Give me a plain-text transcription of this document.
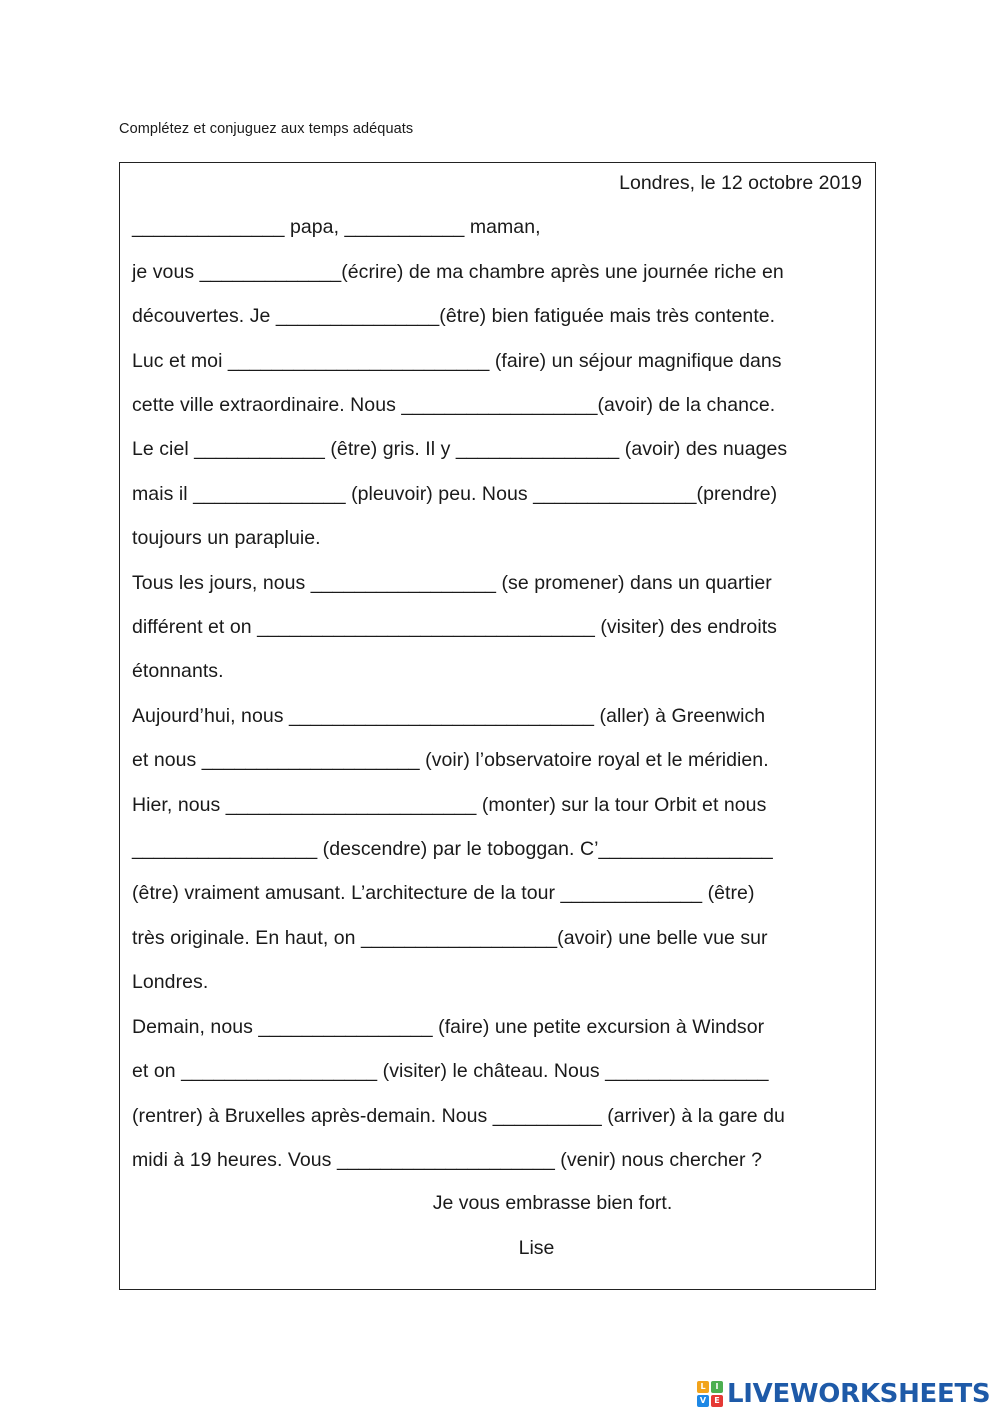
Complétez et conjuguez aux temps adéquats
Londres, le 12 octobre 2019
______________ papa, ___________ maman,
je vous _____________(écrire) de ma chambre après une journée riche en
découvertes. Je _______________(être) bien fatiguée mais très contente.
Luc et moi ________________________ (faire) un séjour magnifique dans
cette ville extraordinaire. Nous __________________(avoir) de la chance.
Le ciel ____________ (être) gris. Il y _______________ (avoir) des nuages
mais il ______________ (pleuvoir) peu. Nous _______________(prendre)
toujours un parapluie.
Tous les jours, nous _________________ (se promener) dans un quartier
différent et on _______________________________ (visiter) des endroits
étonnants.
Aujourd’hui, nous ____________________________ (aller) à Greenwich
et nous ____________________ (voir) l’observatoire royal et le méridien.
Hier, nous _______________________ (monter) sur la tour Orbit et nous
_________________ (descendre) par le toboggan. C’________________
(être) vraiment amusant. L’architecture de la tour _____________ (être)
très originale. En haut, on __________________(avoir) une belle vue sur
Londres.
Demain, nous ________________ (faire) une petite excursion à Windsor
et on __________________ (visiter) le château. Nous _______________
(rentrer) à Bruxelles après-demain. Nous __________ (arriver) à la gare du
midi à 19 heures. Vous ____________________ (venir) nous chercher ?
Je vous embrasse bien fort.
Lise
L	I
V	E LIVEWORKSHEETS
